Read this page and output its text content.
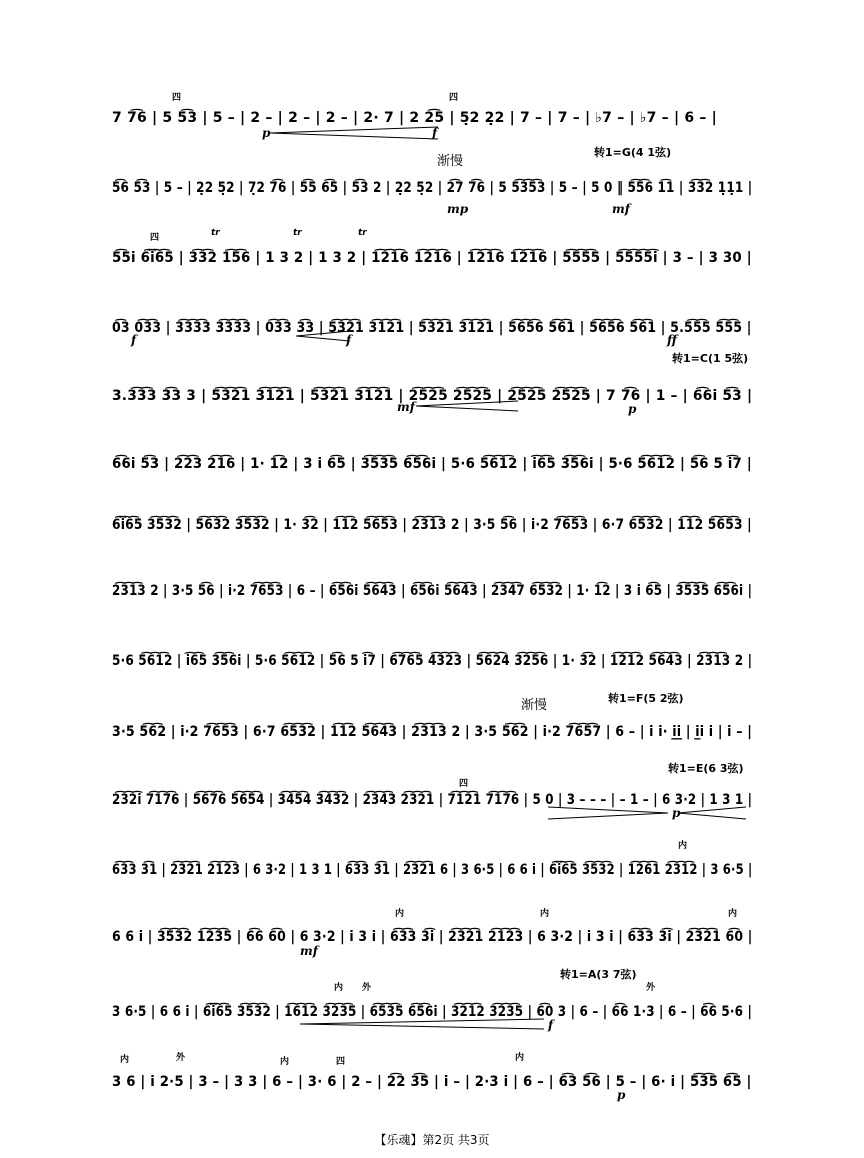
7 7͡6 | 5 5͡3 | 5 – | 2 – | 2 – | 2 – | 2· 7 | 2 2͡5 | 5̣2 2̣2 | 7 – | 7 – | ♭7 – | ♭7 – | 6 – |
5͡6 5͡3 | 5 – | 2̣2 5̣2 | 7̣2 7͡6 | 5͡5 6͡5 | 5͡3 2 | 2̣2 5̣2 | 2͡7 7͡6 | 5 5͡3͡5͡3 | 5 – | 5 0 ‖ 5͡5͡6 1͡1 | 3͡3͡2 1̣1̣1 |
5͡5i 6͡i͡6͡5 | 3͡3͡2 1͡5͡6 | 1 3 2 | 1 3 2 | 1͡2͡1͡6 1͡2͡1͡6 | 1͡2͡1͡6 1͡2͡1͡6 | 5͡5͡5͡5 | 5͡5͡5͡5͡i | 3 – | 3 30 |
0͡3 0͡3͡3 | 3͡3͡3͡3 3͡3͡3͡3 | 0͡3͡3 3͡3 | 5͡3͡2͡1 3͡1͡2͡1 | 5͡3͡2͡1 3͡1͡2͡1 | 5͡6͡5͡6 5͡6͡1 | 5͡6͡5͡6 5͡6͡1 | 5.5͡5͡5 5͡5͡5 |
3.3͡3͡3 3͡3 3 | 5͡3͡2͡1 3͡1͡2͡1 | 5͡3͡2͡1 3͡1͡2͡1 | 2͡5͡2͡5 2͡5͡2͡5 | 2͡5͡2͡5 2͡5͡2͡5 | 7 7͡6 | 1 – | 6͡6i 5͡3 |
6͡6i 5͡3 | 2͡2͡3 2͡1͡6 | 1· 1͡2 | 3 i 6͡5 | 3͡5͡3͡5 6͡5͡6i | 5·6 5͡6͡1͡2 | i͡6͡5 3͡5͡6i | 5·6 5͡6͡1͡2 | 5͡6 5 i͡7 |
6͡i͡6͡5 3͡5͡3͡2 | 5͡6͡3͡2 3͡5͡3͡2 | 1· 3͡2 | 1͡1͡2 5͡6͡5͡3 | 2͡3͡1͡3 2 | 3·5 5͡6 | i·2 7͡6͡5͡3 | 6·7 6͡5͡3͡2 | 1͡1͡2 5͡6͡5͡3 |
2͡3͡1͡3 2 | 3·5 5͡6 | i·2 7͡6͡5͡3 | 6 – | 6͡5͡6i 5͡6͡4͡3 | 6͡5͡6i 5͡6͡4͡3 | 2͡3͡4͡7 6͡5͡3͡2 | 1· 1͡2 | 3 i 6͡5 | 3͡5͡3͡5 6͡5͡6i |
5·6 5͡6͡1͡2 | i͡6͡5 3͡5͡6i | 5·6 5͡6͡1͡2 | 5͡6 5 i͡7 | 6͡7͡6͡5 4͡3͡2͡3 | 5͡6͡2͡4 3͡2͡5͡6 | 1· 3͡2 | 1͡2͡1͡2 5͡6͡4͡3 | 2͡3͡1͡3 2 |
3·5 5͡6͡2 | i·2 7͡6͡5͡3 | 6·7 6͡5͡3͡2 | 1͡1͡2 5͡6͡4͡3 | 2͡3͡1͡3 2 | 3·5 5͡6͡2 | i·2 7͡6͡5͡7 | 6 – | i i· i̲i̲ | i̲i i | i – |
2͡3͡2͡i 7͡1͡7͡6 | 5͡6͡7͡6 5͡6͡5͡4 | 3͡4͡5͡4 3͡4͡3͡2 | 2͡3͡4͡3 2͡3͡2͡1 | 7͡1͡2͡1 7͡1͡7͡6 | 5 0 | 3 – – – | – 1 – | 6 3·2 | 1 3 1 |
6͡3͡3 3͡1 | 2͡3͡2͡1 2͡1͡2͡3 | 6 3·2 | 1 3 1 | 6͡3͡3 3͡1 | 2͡3͡2͡1 6 | 3 6·5 | 6 6 i | 6͡i͡6͡5 3͡5͡3͡2 | 1͡2͡6͡1 2͡3͡1͡2 | 3 6·5 |
6 6 i | 3͡5͡3͡2 1͡2͡3͡5 | 6͡6 6͡0 | 6 3·2 | i 3 i | 6͡3͡3 3͡i | 2͡3͡2͡1 2͡1͡2͡3 | 6 3·2 | i 3 i | 6͡3͡3 3͡i | 2͡3͡2͡1 6͡0 |
3 6·5 | 6 6 i | 6͡i͡6͡5 3͡5͡3͡2 | 1͡6͡1͡2 3͡2͡3͡5 | 6͡5͡3͡5 6͡5͡6i | 3͡2͡1͡2 3͡2͡3͡5 | 6͡0 3 | 6 – | 6͡6 1·3 | 6 – | 6͡6 5·6 |
3 6 | i 2·5 | 3 – | 3 3 | 6 – | 3· 6 | 2 – | 2͡2 3͡5 | i – | 2·3 i | 6 – | 6͡3 5͡6 | 5 – | 6· i | 5͡3͡5 6͡5 |
渐慢
转1=G(4 1弦)
转1=C(1 5弦)
渐慢	转1=F(5 2弦)
转1=E(6 3弦)
转1=A(3 7弦)
四	四
四	tr	tr	tr
四
内
内	内	内
内 外	外
内	外	内	四	内
p	f
mp	mf
f	f	ff
mf	p
p
mf
f
p
【乐魂】第2页 共3页
